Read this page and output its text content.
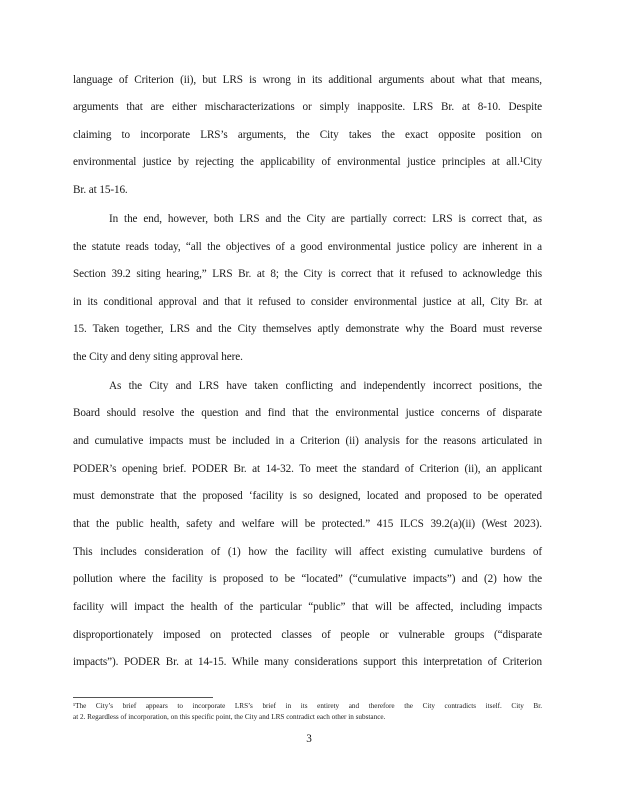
language of Criterion (ii), but LRS is wrong in its additional arguments about what that means,
arguments that are either mischaracterizations or simply inapposite. LRS Br. at 8-10. Despite
claiming to incorporate LRS’s arguments, the City takes the exact opposite position on
environmental justice by rejecting the applicability of environmental justice principles at all.¹City
Br. at 15-16.
In the end, however, both LRS and the City are partially correct: LRS is correct that, as
the statute reads today, “all the objectives of a good environmental justice policy are inherent in a
Section 39.2 siting hearing,” LRS Br. at 8; the City is correct that it refused to acknowledge this
in its conditional approval and that it refused to consider environmental justice at all, City Br. at
15. Taken together, LRS and the City themselves aptly demonstrate why the Board must reverse
the City and deny siting approval here.
As the City and LRS have taken conflicting and independently incorrect positions, the
Board should resolve the question and find that the environmental justice concerns of disparate
and cumulative impacts must be included in a Criterion (ii) analysis for the reasons articulated in
PODER’s opening brief. PODER Br. at 14-32. To meet the standard of Criterion (ii), an applicant
must demonstrate that the proposed ‘facility is so designed, located and proposed to be operated
that the public health, safety and welfare will be protected.” 415 ILCS 39.2(a)(ii) (West 2023).
This includes consideration of (1) how the facility will affect existing cumulative burdens of
pollution where the facility is proposed to be “located” (“cumulative impacts”) and (2) how the
facility will impact the health of the particular “public” that will be affected, including impacts
disproportionately imposed on protected classes of people or vulnerable groups (“disparate
impacts”). PODER Br. at 14-15. While many considerations support this interpretation of Criterion
¹The City’s brief appears to incorporate LRS’s brief in its entirety and therefore the City contradicts itself. City Br.
at 2. Regardless of incorporation, on this specific point, the City and LRS contradict each other in substance.
3
